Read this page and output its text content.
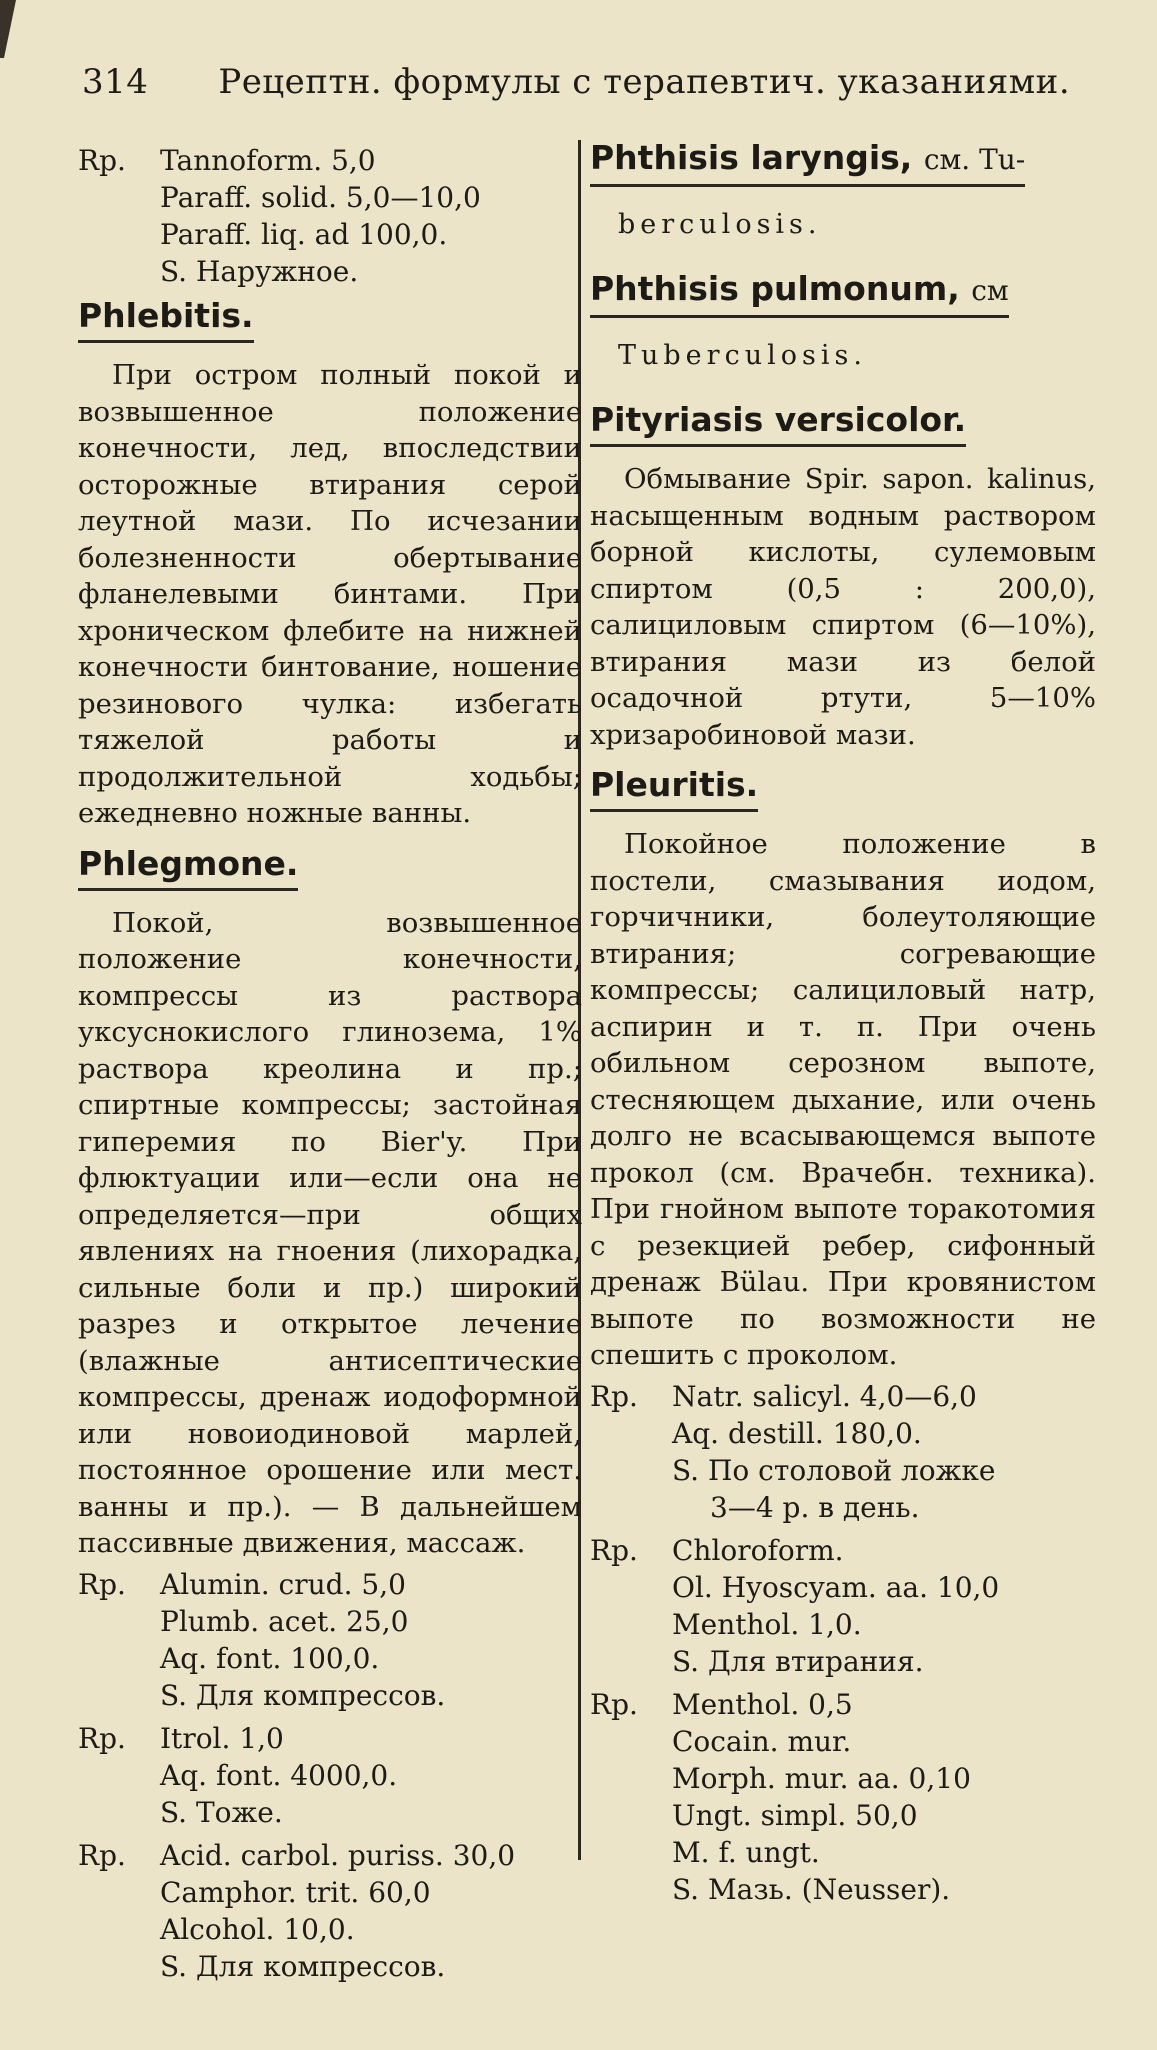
314 Рецептн. формулы с терапевтич. указаниями.
Rp.	Tannoform. 5,0
Paraff. solid. 5,0—10,0
Paraff. liq. ad 100,0.
S. Наружное.
Phlebitis.

При остром полный покой и возвышенное положение конечности, лед, впоследствии осторожные втирания серой леутной мази. По исчезании болезненности обертывание фланелевыми бинтами. При хроническом флебите на нижней конечности бинтование, ношение резинового чулка: избегать тяжелой работы и продолжительной ходьбы; ежедневно ножные ванны.

Phlegmone.

Покой, возвышенное положение конечности, компрессы из раствора уксуснокислого глинозема, 1% раствора креолина и пр.; спиртные компрессы; застойная гиперемия по Bier'y. При флюктуации или—если она не определяется—при общих явлениях на гноения (лихорадка, сильные боли и пр.) широкий разрез и открытое лечение (влажные антисептические компрессы, дренаж иодоформной или новоиодиновой марлей, постоянное орошение или мест. ванны и пр.). — В дальнейшем пассивные движения, массаж.

Rp.	Alumin. crud. 5,0
Plumb. acet. 25,0
Aq. font. 100,0.
S. Для компрессов.
Rp.	Itrol. 1,0
Aq. font. 4000,0.
S. Тоже.
Rp.	Acid. carbol. puriss. 30,0
Camphor. trit. 60,0
Alcohol. 10,0.
S. Для компрессов.
Phthisis laryngis, см. Tu-
berculosis.
Phthisis pulmonum, см
Tuberculosis.
Pityriasis versicolor.

Обмывание Spir. sapon. kalinus, насыщенным водным раствором борной кислоты, сулемовым спиртом (0,5 : 200,0), салициловым спиртом (6—10%), втирания мази из белой осадочной ртути, 5—10% хризаробиновой мази.

Pleuritis.

Покойное положение в постели, смазывания иодом, горчичники, болеутоляющие втирания; согревающие компрессы; салициловый натр, аспирин и т. п. При очень обильном серозном выпоте, стесняющем дыхание, или очень долго не всасывающемся выпоте прокол (см. Врачебн. техника). При гнойном выпоте торакотомия с резекцией ребер, сифонный дренаж Bülau. При кровянистом выпоте по возможности не спешить с проколом.

Rp.	Natr. salicyl. 4,0—6,0
Aq. destill. 180,0.
S. По столовой ложке
3—4 р. в день.
Rp.	Chloroform.
Ol. Hyoscyam. aa. 10,0
Menthol. 1,0.
S. Для втирания.
Rp.	Menthol. 0,5
Cocain. mur.
Morph. mur. aa. 0,10
Ungt. simpl. 50,0
M. f. ungt.
S. Мазь. (Neusser).
